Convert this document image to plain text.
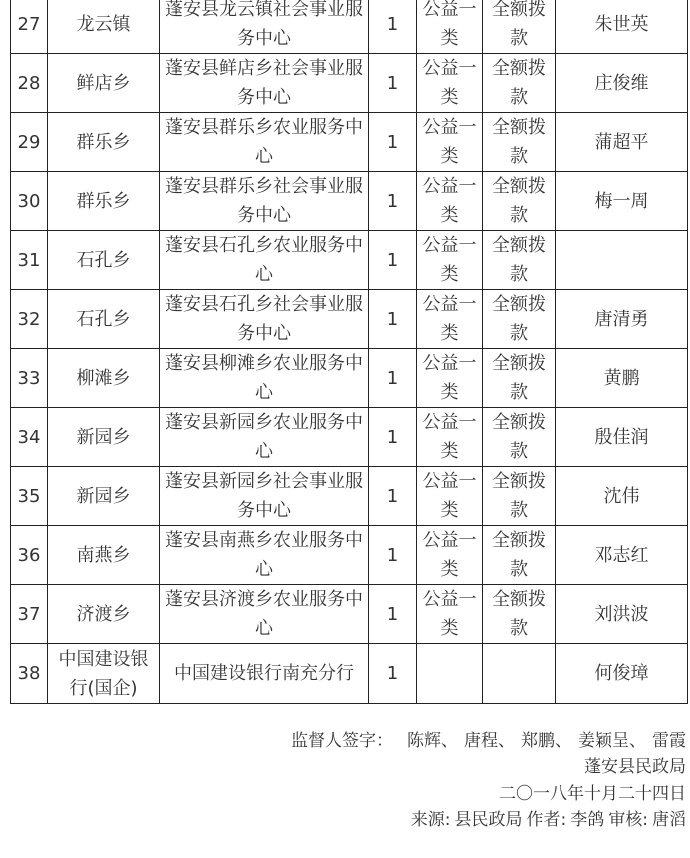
27	龙云镇	蓬安县龙云镇社会事业服务中心	1	公益一类	全额拨款	朱世英
28	鲜店乡	蓬安县鲜店乡社会事业服务中心	1	公益一类	全额拨款	庄俊维
29	群乐乡	蓬安县群乐乡农业服务中心	1	公益一类	全额拨款	蒲超平
30	群乐乡	蓬安县群乐乡社会事业服务中心	1	公益一类	全额拨款	梅一周
31	石孔乡	蓬安县石孔乡农业服务中心	1	公益一类	全额拨款	
32	石孔乡	蓬安县石孔乡社会事业服务中心	1	公益一类	全额拨款	唐清勇
33	柳滩乡	蓬安县柳滩乡农业服务中心	1	公益一类	全额拨款	黄鹏
34	新园乡	蓬安县新园乡农业服务中心	1	公益一类	全额拨款	殷佳润
35	新园乡	蓬安县新园乡社会事业服务中心	1	公益一类	全额拨款	沈伟
36	南燕乡	蓬安县南燕乡农业服务中心	1	公益一类	全额拨款	邓志红
37	济渡乡	蓬安县济渡乡农业服务中心	1	公益一类	全额拨款	刘洪波
38	中国建设银行(国企)	中国建设银行南充分行	1			何俊璋
监督人签字： 陈辉、 唐程、 郑鹏、 姜颖呈、 雷霞
蓬安县民政局
二〇一八年十月二十四日
来源: 县民政局 作者: 李鸽 审核: 唐滔
